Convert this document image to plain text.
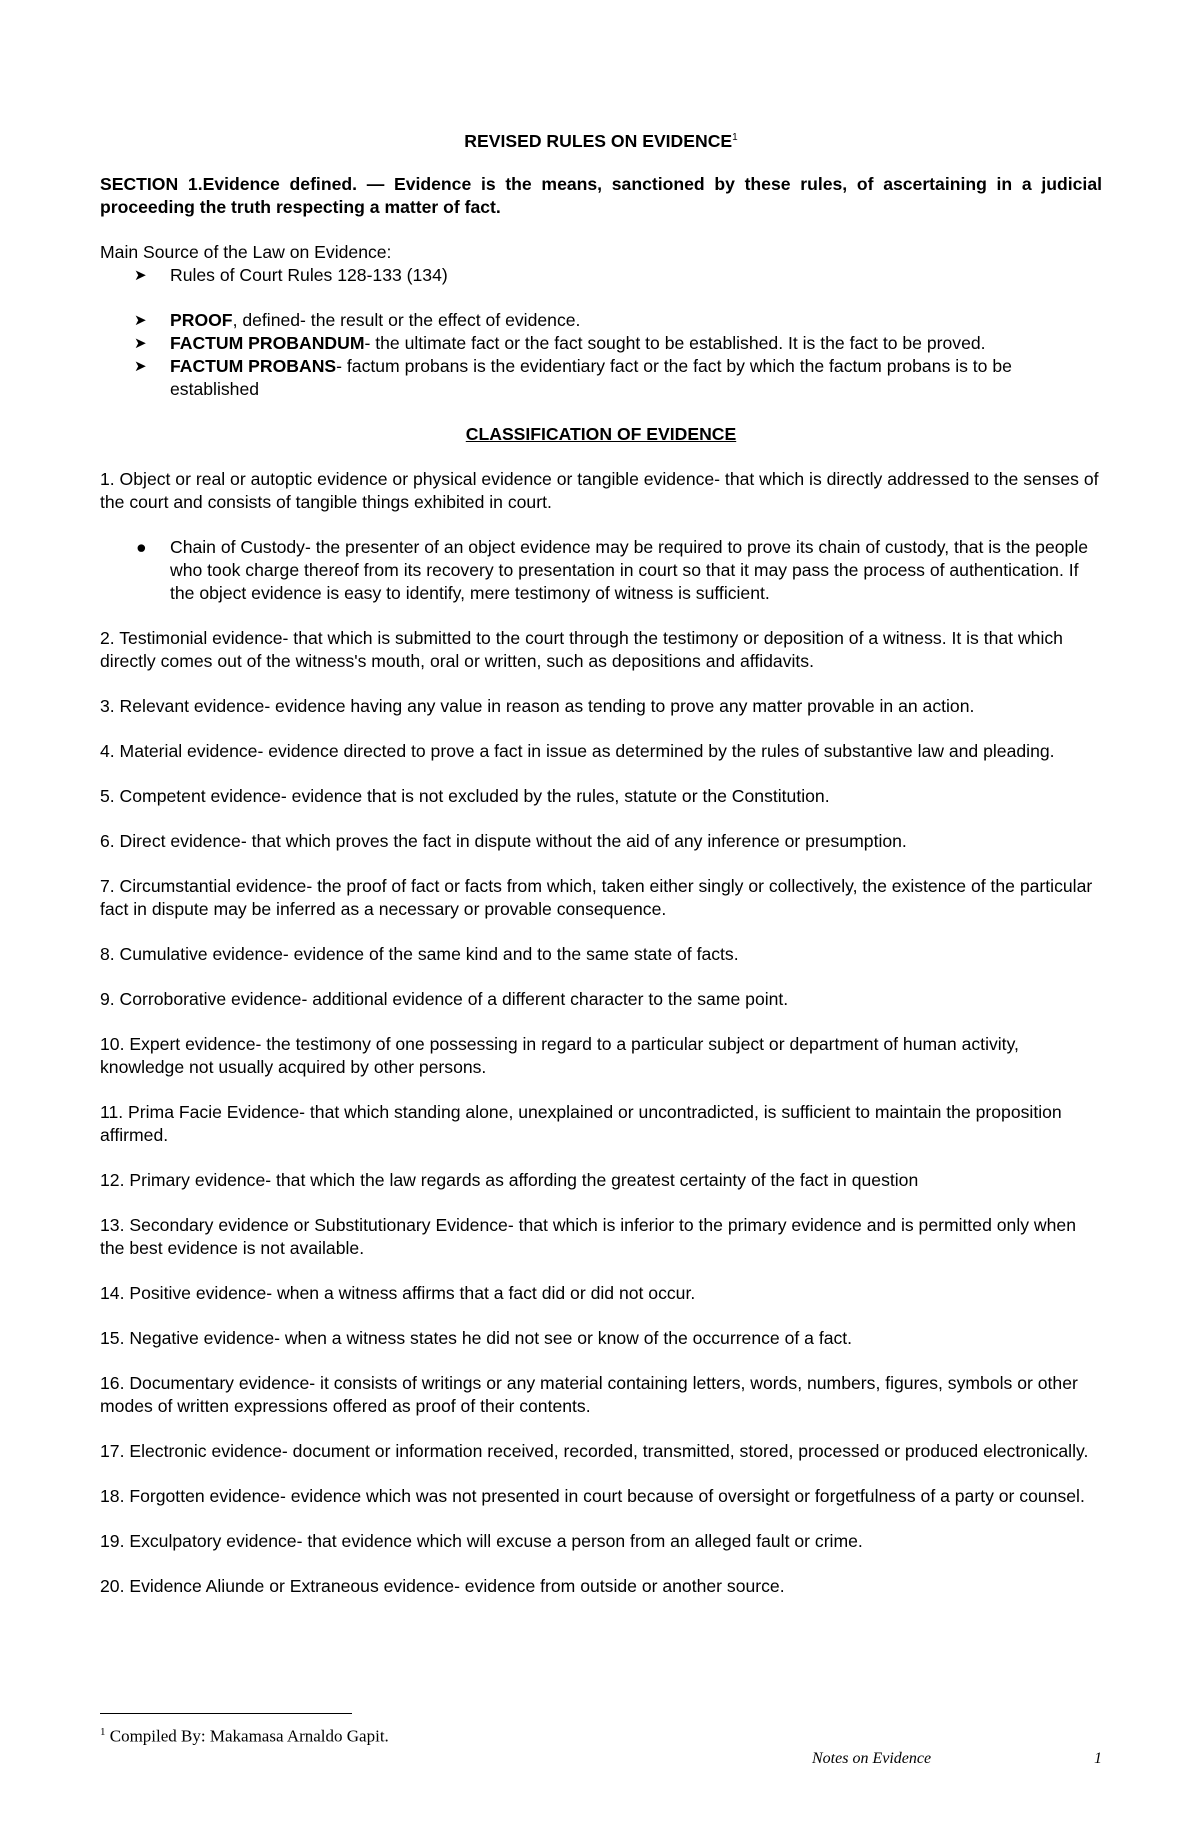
REVISED RULES ON EVIDENCE$^1$

SECTION 1.Evidence defined. — Evidence is the means, sanctioned by these rules, of ascertaining in a judicial proceeding the truth respecting a matter of fact.

Main Source of the Law on Evidence:

➤ Rules of Court Rules 128-133 (134)
➤ PROOF, defined- the result or the effect of evidence.
➤ FACTUM PROBANDUM- the ultimate fact or the fact sought to be established. It is the fact to be proved.
➤ FACTUM PROBANS- factum probans is the evidentiary fact or the fact by which the factum probans is to be established
CLASSIFICATION OF EVIDENCE

1. Object or real or autoptic evidence or physical evidence or tangible evidence- that which is directly addressed to the senses of the court and consists of tangible things exhibited in court.

● Chain of Custody- the presenter of an object evidence may be required to prove its chain of custody, that is the people who took charge thereof from its recovery to presentation in court so that it may pass the process of authentication. If the object evidence is easy to identify, mere testimony of witness is sufficient.

2. Testimonial evidence- that which is submitted to the court through the testimony or deposition of a witness. It is that which directly comes out of the witness's mouth, oral or written, such as depositions and affidavits.

3. Relevant evidence- evidence having any value in reason as tending to prove any matter provable in an action.

4. Material evidence- evidence directed to prove a fact in issue as determined by the rules of substantive law and pleading.

5. Competent evidence- evidence that is not excluded by the rules, statute or the Constitution.

6. Direct evidence- that which proves the fact in dispute without the aid of any inference or presumption.

7. Circumstantial evidence- the proof of fact or facts from which, taken either singly or collectively, the existence of the particular fact in dispute may be inferred as a necessary or provable consequence.

8. Cumulative evidence- evidence of the same kind and to the same state of facts.

9. Corroborative evidence- additional evidence of a different character to the same point.

10. Expert evidence- the testimony of one possessing in regard to a particular subject or department of human activity, knowledge not usually acquired by other persons.

11. Prima Facie Evidence- that which standing alone, unexplained or uncontradicted, is sufficient to maintain the proposition affirmed.

12. Primary evidence- that which the law regards as affording the greatest certainty of the fact in question

13. Secondary evidence or Substitutionary Evidence- that which is inferior to the primary evidence and is permitted only when the best evidence is not available.

14. Positive evidence- when a witness affirms that a fact did or did not occur.

15. Negative evidence- when a witness states he did not see or know of the occurrence of a fact.

16. Documentary evidence- it consists of writings or any material containing letters, words, numbers, figures, symbols or other modes of written expressions offered as proof of their contents.

17. Electronic evidence- document or information received, recorded, transmitted, stored, processed or produced electronically.

18. Forgotten evidence- evidence which was not presented in court because of oversight or forgetfulness of a party or counsel.

19. Exculpatory evidence- that evidence which will excuse a person from an alleged fault or crime.

20. Evidence Aliunde or Extraneous evidence- evidence from outside or another source.

$^1$ Compiled By: Makamasa Arnaldo Gapit.
Notes on Evidence	1
